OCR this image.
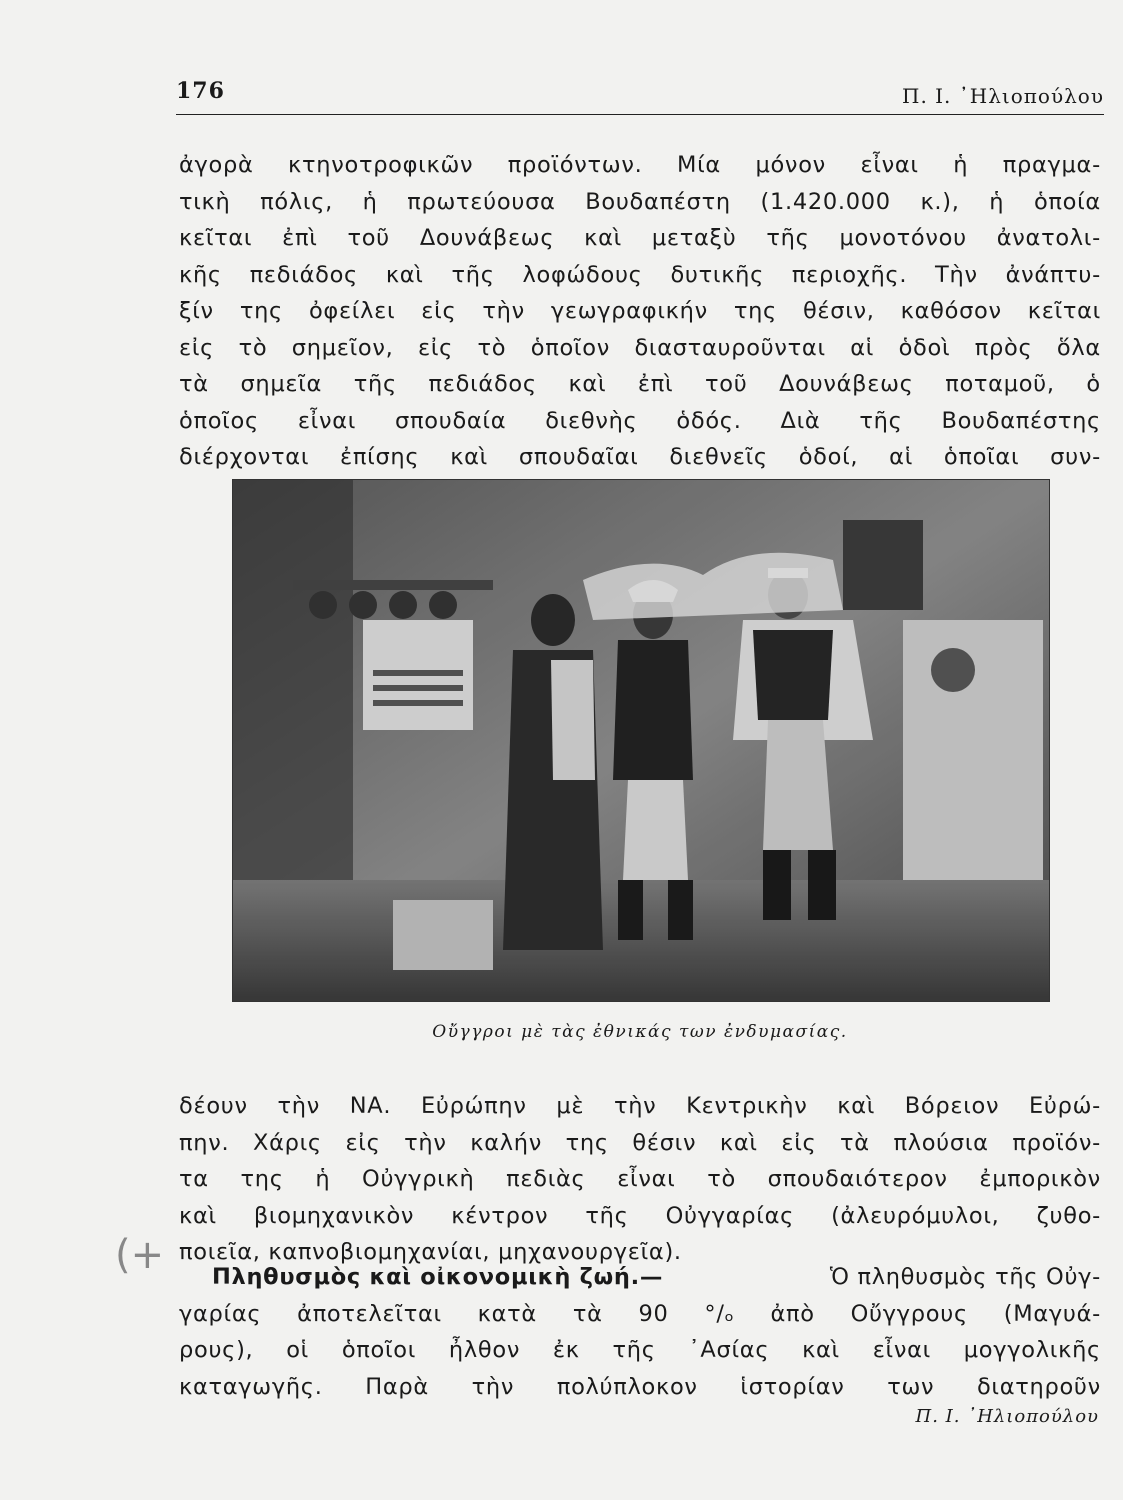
176	Π. Ι. ᾿Ηλιοπούλου
ἀγορὰ κτηνοτροφικῶν προϊόντων. Μία μόνον εἶναι ἡ πραγμα-
τικὴ πόλις, ἡ πρωτεύουσα Βουδαπέστη (1.420.000 κ.), ἡ ὁποία
κεῖται ἐπὶ τοῦ Δουνάβεως καὶ μεταξὺ τῆς μονοτόνου ἀνατολι-
κῆς πεδιάδος καὶ τῆς λοφώδους δυτικῆς περιοχῆς. Τὴν ἀνάπτυ-
ξίν της ὀφείλει εἰς τὴν γεωγραφικήν της θέσιν, καθόσον κεῖται
εἰς τὸ σημεῖον, εἰς τὸ ὁποῖον διασταυροῦνται αἱ ὁδοὶ πρὸς ὅλα
τὰ σημεῖα τῆς πεδιάδος καὶ ἐπὶ τοῦ Δουνάβεως ποταμοῦ, ὁ
ὁποῖος εἶναι σπουδαία διεθνὴς ὁδός. Διὰ τῆς Βουδαπέστης
διέρχονται ἐπίσης καὶ σπουδαῖαι διεθνεῖς ὁδοί, αἱ ὁποῖαι συν-
Οὔγγροι μὲ τὰς ἐθνικάς των ἐνδυμασίας.
δέουν τὴν ΝΑ. Εὐρώπην μὲ τὴν Κεντρικὴν καὶ Βόρειον Εὐρώ-
πην. Χάρις εἰς τὴν καλήν της θέσιν καὶ εἰς τὰ πλούσια προϊόν-
τα της ἡ Οὐγγρικὴ πεδιὰς εἶναι τὸ σπουδαιότερον ἐμπορικὸν
καὶ βιομηχανικὸν κέντρον τῆς Οὐγγαρίας (ἀλευρόμυλοι, ζυθο-
ποιεῖα, καπνοβιομηχανίαι, μηχανουργεῖα).
(+ Πληθυσμὸς καὶ οἰκονομικὴ ζωή.—	Ὁ πληθυσμὸς τῆς Οὐγ-
γαρίας ἀποτελεῖται κατὰ τὰ 90 °/ₒ ἀπὸ Οὔγγρους (Μαγυά-
ρους), οἱ ὁποῖοι ἦλθον ἐκ τῆς ᾿Ασίας καὶ εἶναι μογγολικῆς
καταγωγῆς. Παρὰ τὴν πολύπλοκον ἱστορίαν των διατηροῦν
Π. Ι. ᾿Ηλιοπούλου
